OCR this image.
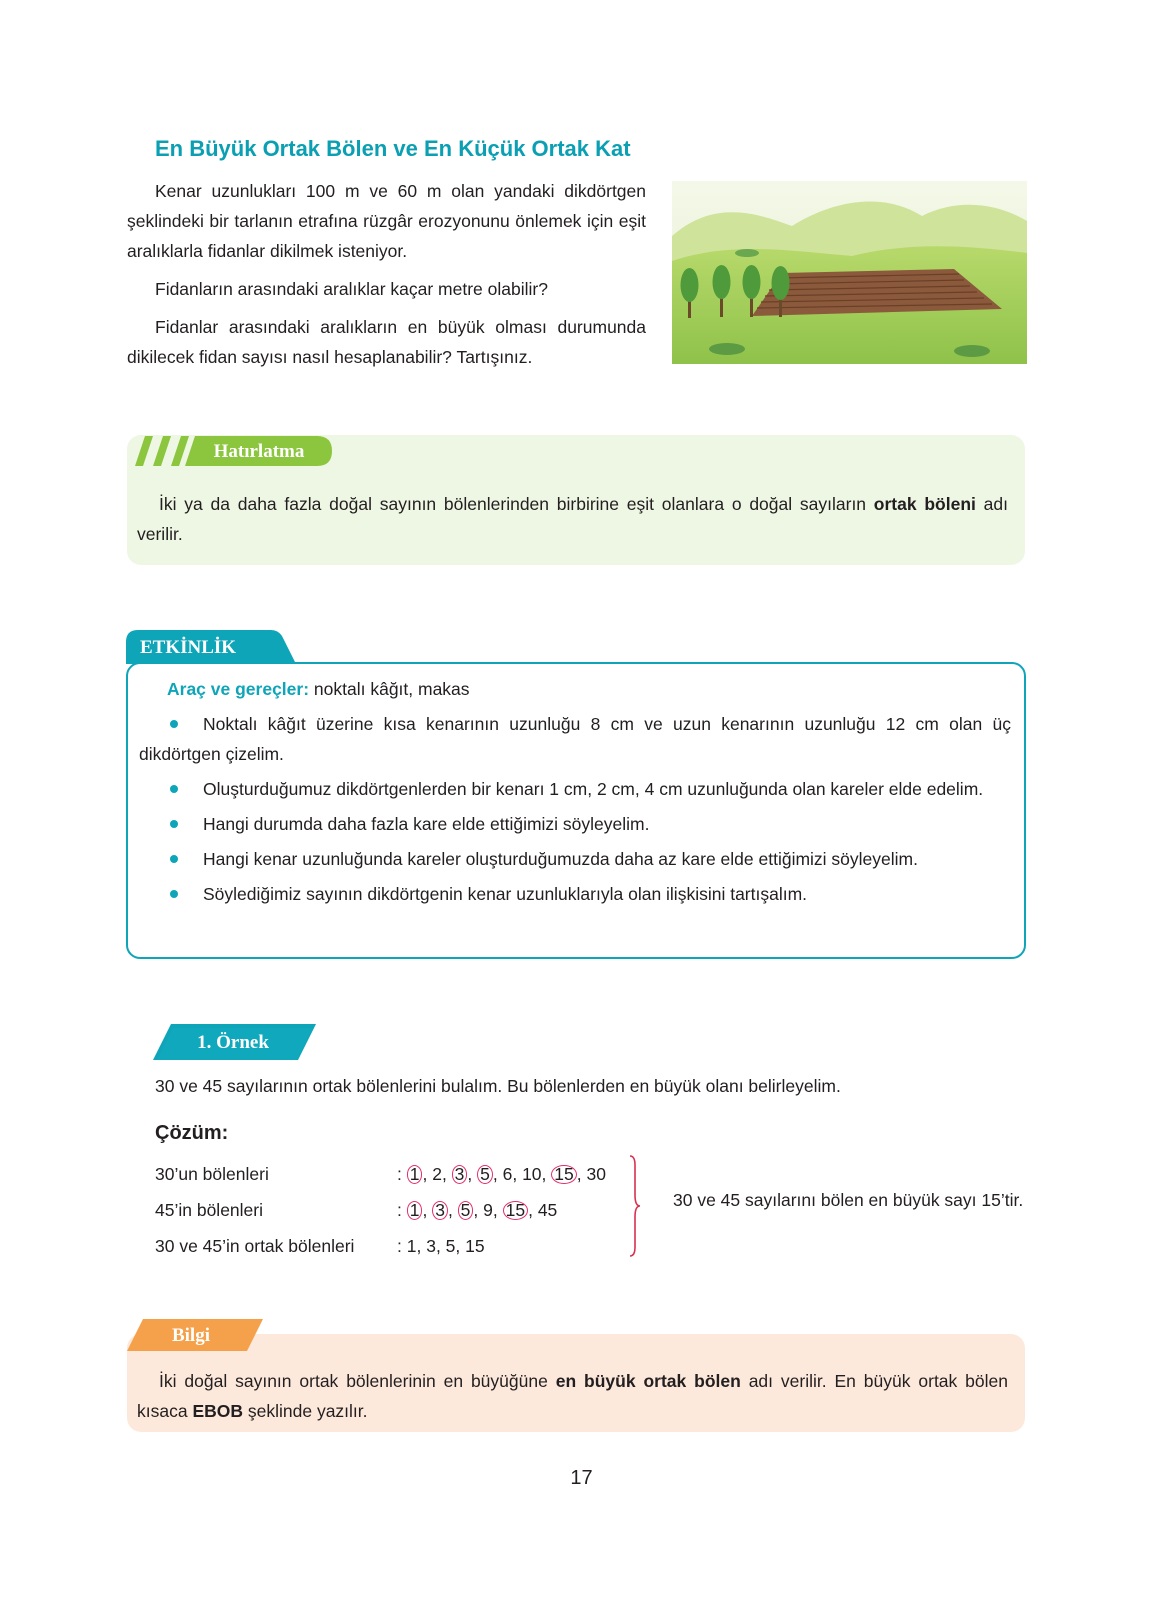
En Büyük Ortak Bölen ve En Küçük Ortak Kat

Kenar uzunlukları 100 m ve 60 m olan yandaki dikdörtgen şeklindeki bir tarlanın etrafına rüzgâr erozyonunu önlemek için eşit aralıklarla fidanlar dikilmek isteniyor.

Fidanların arasındaki aralıklar kaçar metre olabilir?

Fidanlar arasındaki aralıkların en büyük olması durumunda dikilecek fidan sayısı nasıl hesaplanabilir? Tartışınız.

Hatırlatma
İki ya da daha fazla doğal sayının bölenlerinden birbirine eşit olanlara o doğal sayıların ortak böleni adı verilir.
ETKİNLİK
Araç ve gereçler: noktalı kâğıt, makas
Noktalı kâğıt üzerine kısa kenarının uzunluğu 8 cm ve uzun kenarının uzunluğu 12 cm olan üç dikdörtgen çizelim.
Oluşturduğumuz dikdörtgenlerden bir kenarı 1 cm, 2 cm, 4 cm uzunluğunda olan kareler elde edelim.
Hangi durumda daha fazla kare elde ettiğimizi söyleyelim.
Hangi kenar uzunluğunda kareler oluşturduğumuzda daha az kare elde ettiğimizi söyleyelim.
Söylediğimiz sayının dikdörtgenin kenar uzunluklarıyla olan ilişkisini tartışalım.
1. Örnek
30 ve 45 sayılarının ortak bölenlerini bulalım. Bu bölenlerden en büyük olanı belirleyelim.
Çözüm:
30’un bölenleri	: 1 , 2, 3 , 5 , 6, 10, 15 , 30
45’in bölenleri	: 1 , 3 , 5 , 9, 15 , 45
30 ve 45’in ortak bölenleri : 1, 3, 5, 15
30 ve 45 sayılarını bölen en büyük sayı 15’tir.
Bilgi
İki doğal sayının ortak bölenlerinin en büyüğüne en büyük ortak bölen adı verilir. En büyük ortak bölen kısaca EBOB şeklinde yazılır.
17
